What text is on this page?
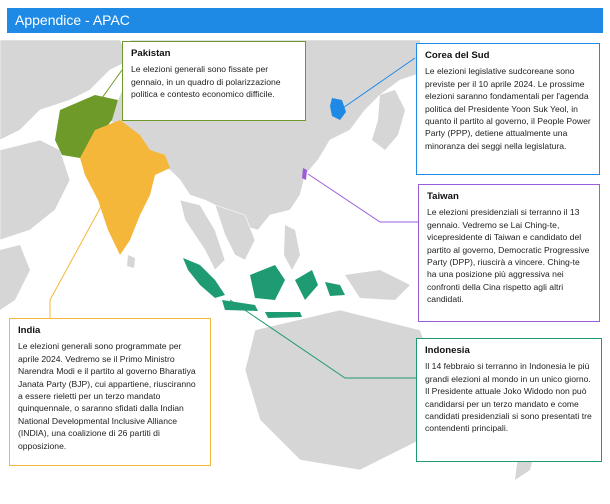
Appendice - APAC
Pakistan
Le elezioni generali sono fissate per gennaio, in un quadro di polarizzazione politica e contesto economico difficile.
Corea del Sud
Le elezioni legislative sudcoreane sono previste per il 10 aprile 2024. Le prossime elezioni saranno fondamentali per l'agenda politica del Presidente Yoon Suk Yeol, in quanto il partito al governo, il People Power Party (PPP), detiene attualmente una minoranza dei seggi nella legislatura.
Taiwan
Le elezioni presidenziali si terranno il 13 gennaio. Vedremo se Lai Ching-te, vicepresidente di Taiwan e candidato del partito al governo, Democratic Progressive Party (DPP), riuscirà a vincere. Ching-te ha una posizione più aggressiva nei confronti della Cina rispetto agli altri candidati.
India
Le elezioni generali sono programmate per aprile 2024. Vedremo se il Primo Ministro Narendra Modi e il partito al governo Bharatiya Janata Party (BJP), cui appartiene, riusciranno a essere rieletti per un terzo mandato quinquennale, o saranno sfidati dalla Indian National Developmental Inclusive Alliance (INDIA), una coalizione di 26 partiti di opposizione.
Indonesia
Il 14 febbraio si terranno in Indonesia le più grandi elezioni al mondo in un unico giorno. Il Presidente attuale Joko Widodo non può candidarsi per un terzo mandato e come candidati presidenziali si sono presentati tre contendenti principali.
